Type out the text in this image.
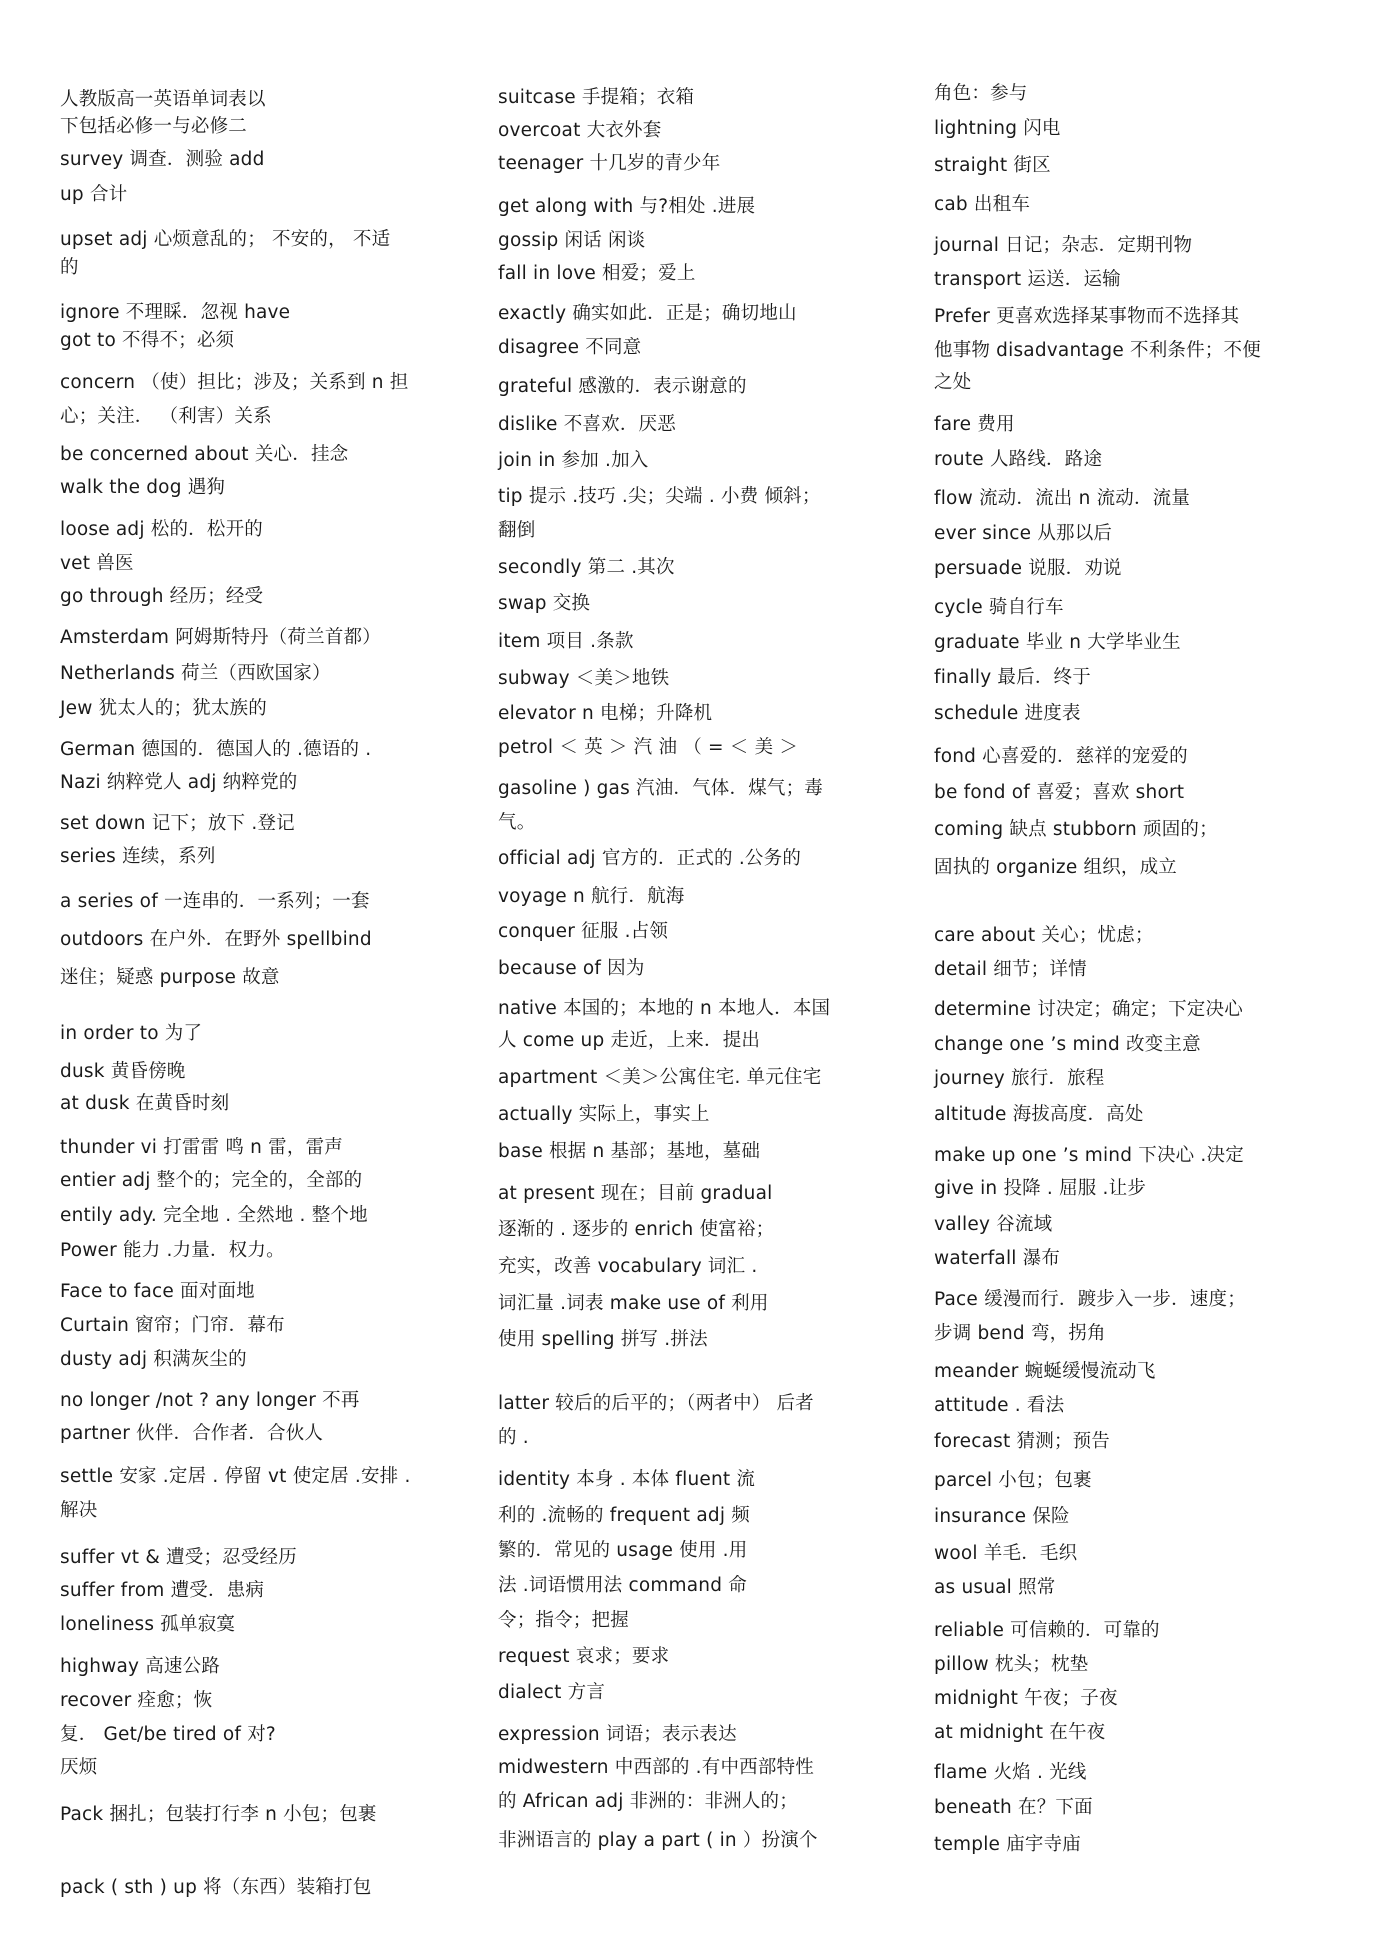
人教版高一英语单词表以
下包括必修一与必修二
survey 调查．测验 add
up 合计
upset adj 心烦意乱的； 不安的， 不适
的
ignore 不理睬．忽视 have
got to 不得不；必须
concern （使）担比；涉及；关系到 n 担
心；关注． （利害）关系
be concerned about 关心．挂念
walk the dog 遇狗
loose adj 松的．松开的
vet 兽医
go through 经历；经受
Amsterdam 阿姆斯特丹（荷兰首都）
Netherlands 荷兰（西欧国家）
Jew 犹太人的；犹太族的
German 德国的．德国人的 .德语的 .
Nazi 纳粹党人 adj 纳粹党的
set down 记下；放下 .登记
series 连续，系列
a series of 一连串的．一系列；一套
outdoors 在户外．在野外 spellbind
迷住；疑惑 purpose 故意
in order to 为了
dusk 黄昏傍晚
at dusk 在黄昏时刻
thunder vi 打雷雷 鸣 n 雷，雷声
entier adj 整个的；完全的，全部的
entily ady. 完全地 . 全然地 . 整个地
Power 能力 .力量．权力。
Face to face 面对面地
Curtain 窗帘；门帘．幕布
dusty adj 积满灰尘的
no longer /not ? any longer 不再
partner 伙伴．合作者．合伙人
settle 安家 .定居 . 停留 vt 使定居 .安排 .
解决
suffer vt & 遭受；忍受经历
suffer from 遭受．患病
loneliness 孤单寂寞
highway 高速公路
recover 痊愈；恢
复． Get/be tired of 对?
厌烦
Pack 捆扎；包装打行李 n 小包；包裹
pack ( sth ) up 将（东西）装箱打包
suitcase 手提箱；衣箱
overcoat 大衣外套
teenager 十几岁的青少年
get along with 与?相处 .进展
gossip 闲话 闲谈
fall in love 相爱；爱上
exactly 确实如此．正是；确切地山
disagree 不同意
grateful 感激的．表示谢意的
dislike 不喜欢．厌恶
join in 参加 .加入
tip 提示 .技巧 .尖；尖端 . 小费 倾斜；
翻倒
secondly 第二 .其次
swap 交换
item 项目 .条款
subway ＜美＞地铁
elevator n 电梯；升降机
petrol ＜ 英 ＞ 汽 油 （ = ＜ 美 ＞
gasoline ) gas 汽油．气体．煤气；毒
气。
official adj 官方的．正式的 .公务的
voyage n 航行．航海
conquer 征服 .占领
because of 因为
native 本国的；本地的 n 本地人．本国
人 come up 走近，上来．提出
apartment ＜美＞公寓住宅. 单元住宅
actually 实际上，事实上
base 根据 n 基部；基地，墓础
at present 现在；目前 gradual
逐渐的 . 逐步的 enrich 使富裕；
充实，改善 vocabulary 词汇 .
词汇量 .词表 make use of 利用
使用 spelling 拼写 .拼法
latter 较后的后平的；（两者中） 后者
的 .
identity 本身 . 本体 fluent 流
利的 .流畅的 frequent adj 频
繁的．常见的 usage 使用 .用
法 .词语惯用法 command 命
令；指令；把握
request 哀求；要求
dialect 方言
expression 词语；表示表达
midwestern 中西部的 .有中西部特性
的 African adj 非洲的：非洲人的；
非洲语言的 play a part ( in ）扮演个
角色：参与
lightning 闪电
straight 街区
cab 出租车
journal 日记；杂志．定期刊物
transport 运送．运输
Prefer 更喜欢选择某事物而不选择其
他事物 disadvantage 不利条件；不便
之处
fare 费用
route 人路线．路途
flow 流动．流出 n 流动．流量
ever since 从那以后
persuade 说服．劝说
cycle 骑自行车
graduate 毕业 n 大学毕业生
finally 最后．终于
schedule 进度表
fond 心喜爱的．慈祥的宠爱的
be fond of 喜爱；喜欢 short
coming 缺点 stubborn 顽固的；
固执的 organize 组织，成立
care about 关心；忧虑；
detail 细节；详情
determine 讨决定；确定；下定决心
change one ’s mind 改变主意
journey 旅行．旅程
altitude 海拔高度．高处
make up one ’s mind 下决心 .决定
give in 投降 . 屈服 .让步
valley 谷流域
waterfall 瀑布
Pace 缓漫而行．踱步入一步．速度；
步调 bend 弯，拐角
meander 蜿蜒缓慢流动飞
attitude . 看法
forecast 猜测；预告
parcel 小包；包裹
insurance 保险
wool 羊毛．毛织
as usual 照常
reliable 可信赖的．可靠的
pillow 枕头；枕垫
midnight 午夜；子夜
at midnight 在午夜
flame 火焰 . 光线
beneath 在？下面
temple 庙宇寺庙
